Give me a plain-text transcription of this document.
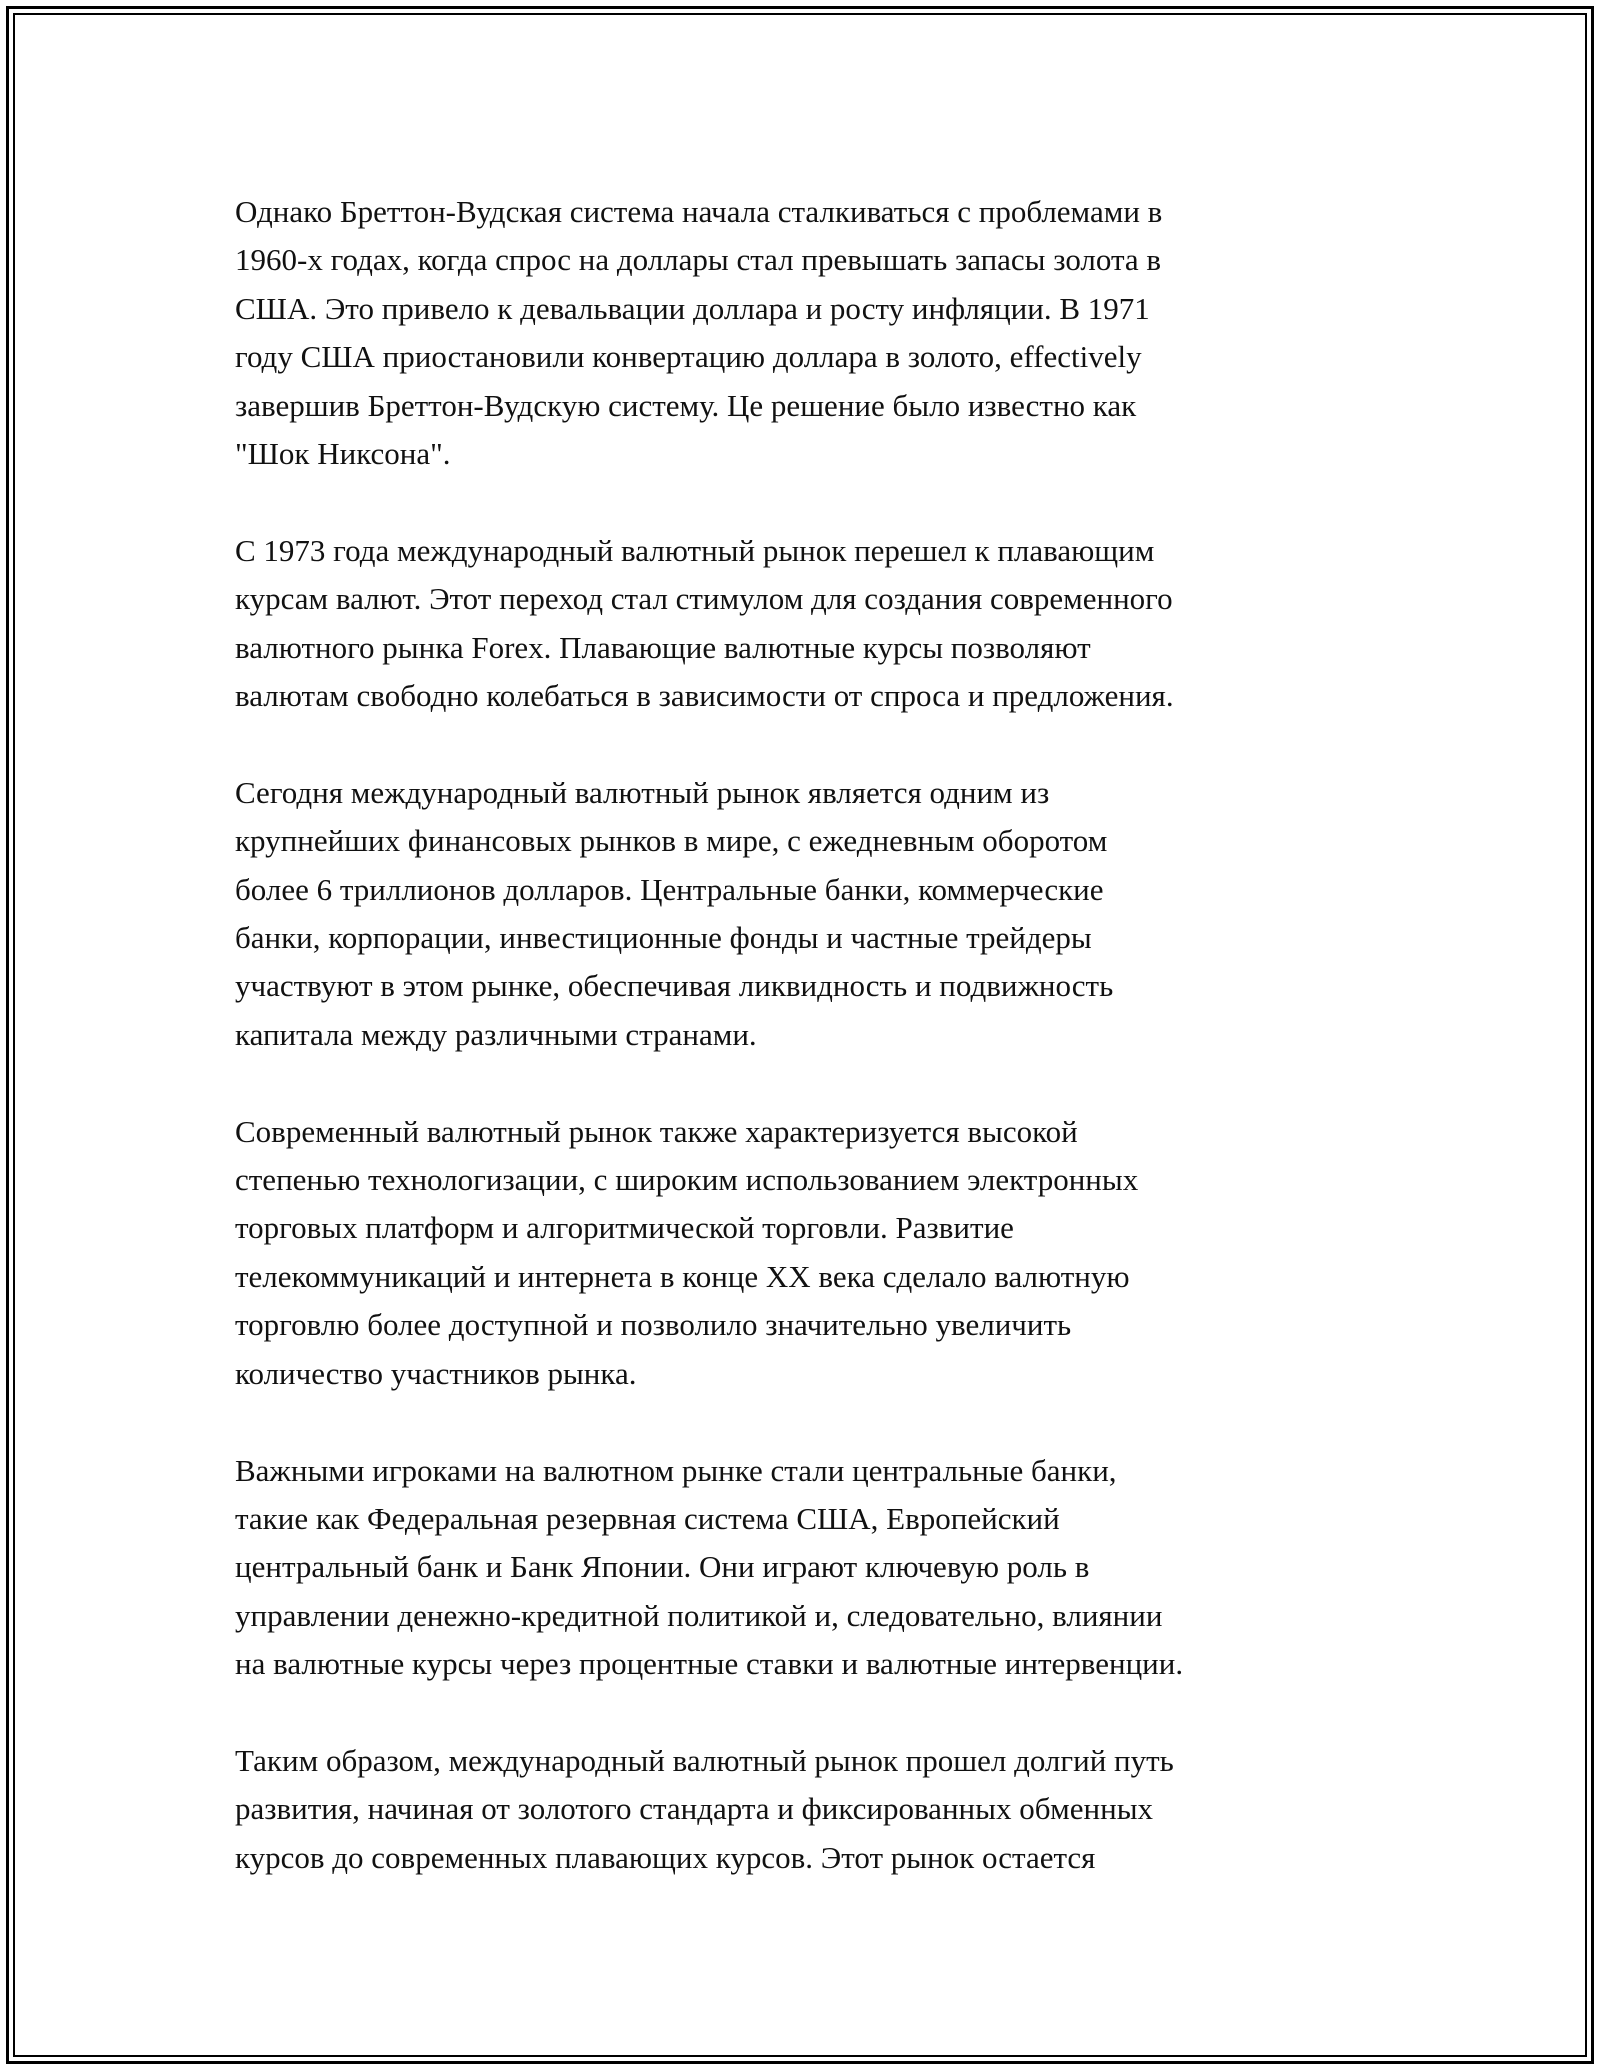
Однако Бреттон-Вудская система начала сталкиваться с проблемами в
1960-х годах, когда спрос на доллары стал превышать запасы золота в
США. Это привело к девальвации доллара и росту инфляции. В 1971
году США приостановили конвертацию доллара в золото, effectively
завершив Бреттон-Вудскую систему. Це решение было известно как
"Шок Никсона".

С 1973 года международный валютный рынок перешел к плавающим
курсам валют. Этот переход стал стимулом для создания современного
валютного рынка Forex. Плавающие валютные курсы позволяют
валютам свободно колебаться в зависимости от спроса и предложения.

Сегодня международный валютный рынок является одним из
крупнейших финансовых рынков в мире, с ежедневным оборотом
более 6 триллионов долларов. Центральные банки, коммерческие
банки, корпорации, инвестиционные фонды и частные трейдеры
участвуют в этом рынке, обеспечивая ликвидность и подвижность
капитала между различными странами.

Современный валютный рынок также характеризуется высокой
степенью технологизации, с широким использованием электронных
торговых платформ и алгоритмической торговли. Развитие
телекоммуникаций и интернета в конце XX века сделало валютную
торговлю более доступной и позволило значительно увеличить
количество участников рынка.

Важными игроками на валютном рынке стали центральные банки,
такие как Федеральная резервная система США, Европейский
центральный банк и Банк Японии. Они играют ключевую роль в
управлении денежно-кредитной политикой и, следовательно, влиянии
на валютные курсы через процентные ставки и валютные интервенции.

Таким образом, международный валютный рынок прошел долгий путь
развития, начиная от золотого стандарта и фиксированных обменных
курсов до современных плавающих курсов. Этот рынок остается
